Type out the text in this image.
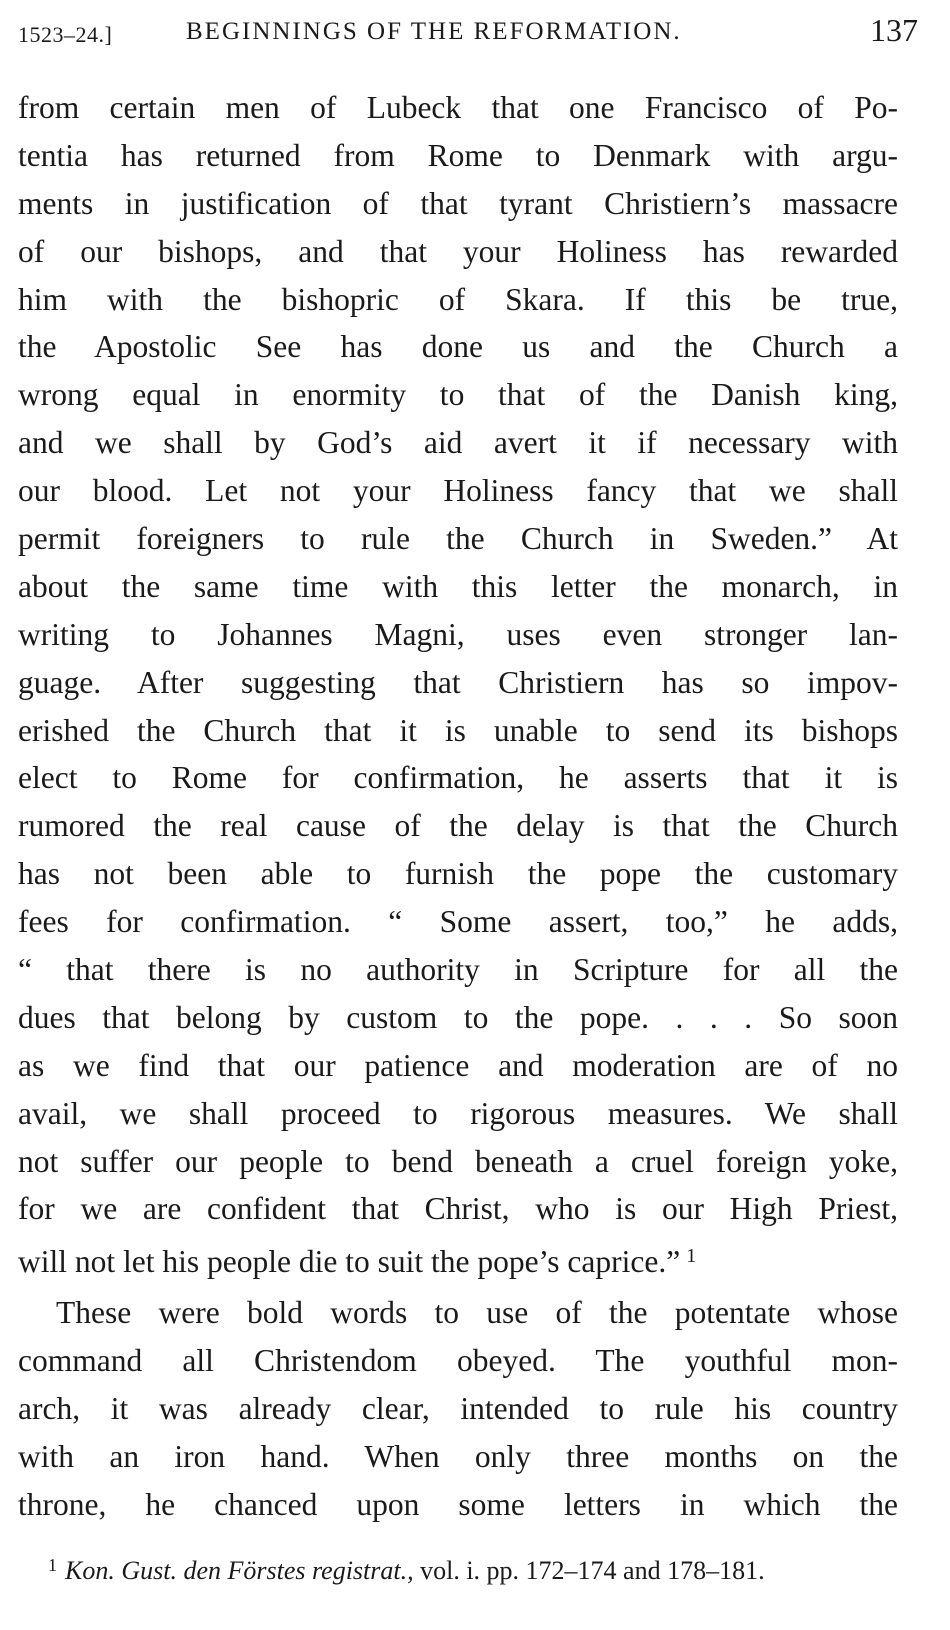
1523–24.]	BEGINNINGS OF THE REFORMATION.	137
from certain men of Lubeck that one Francisco of Po-
tentia has returned from Rome to Denmark with argu-
ments in justification of that tyrant Christiern’s massacre
of our bishops, and that your Holiness has rewarded
him with the bishopric of Skara. If this be true,
the Apostolic See has done us and the Church a
wrong equal in enormity to that of the Danish king,
and we shall by God’s aid avert it if necessary with
our blood. Let not your Holiness fancy that we shall
permit foreigners to rule the Church in Sweden.” At
about the same time with this letter the monarch, in
writing to Johannes Magni, uses even stronger lan-
guage. After suggesting that Christiern has so impov-
erished the Church that it is unable to send its bishops
elect to Rome for confirmation, he asserts that it is
rumored the real cause of the delay is that the Church
has not been able to furnish the pope the customary
fees for confirmation. “ Some assert, too,” he adds,
“ that there is no authority in Scripture for all the
dues that belong by custom to the pope. . . . So soon
as we find that our patience and moderation are of no
avail, we shall proceed to rigorous measures. We shall
not suffer our people to bend beneath a cruel foreign yoke,
for we are confident that Christ, who is our High Priest,
will not let his people die to suit the pope’s caprice.” $^1$
These were bold words to use of the potentate whose
command all Christendom obeyed. The youthful mon-
arch, it was already clear, intended to rule his country
with an iron hand. When only three months on the
throne, he chanced upon some letters in which the
$^1$ Kon. Gust. den Förstes registrat., vol. i. pp. 172–174 and 178–181.
